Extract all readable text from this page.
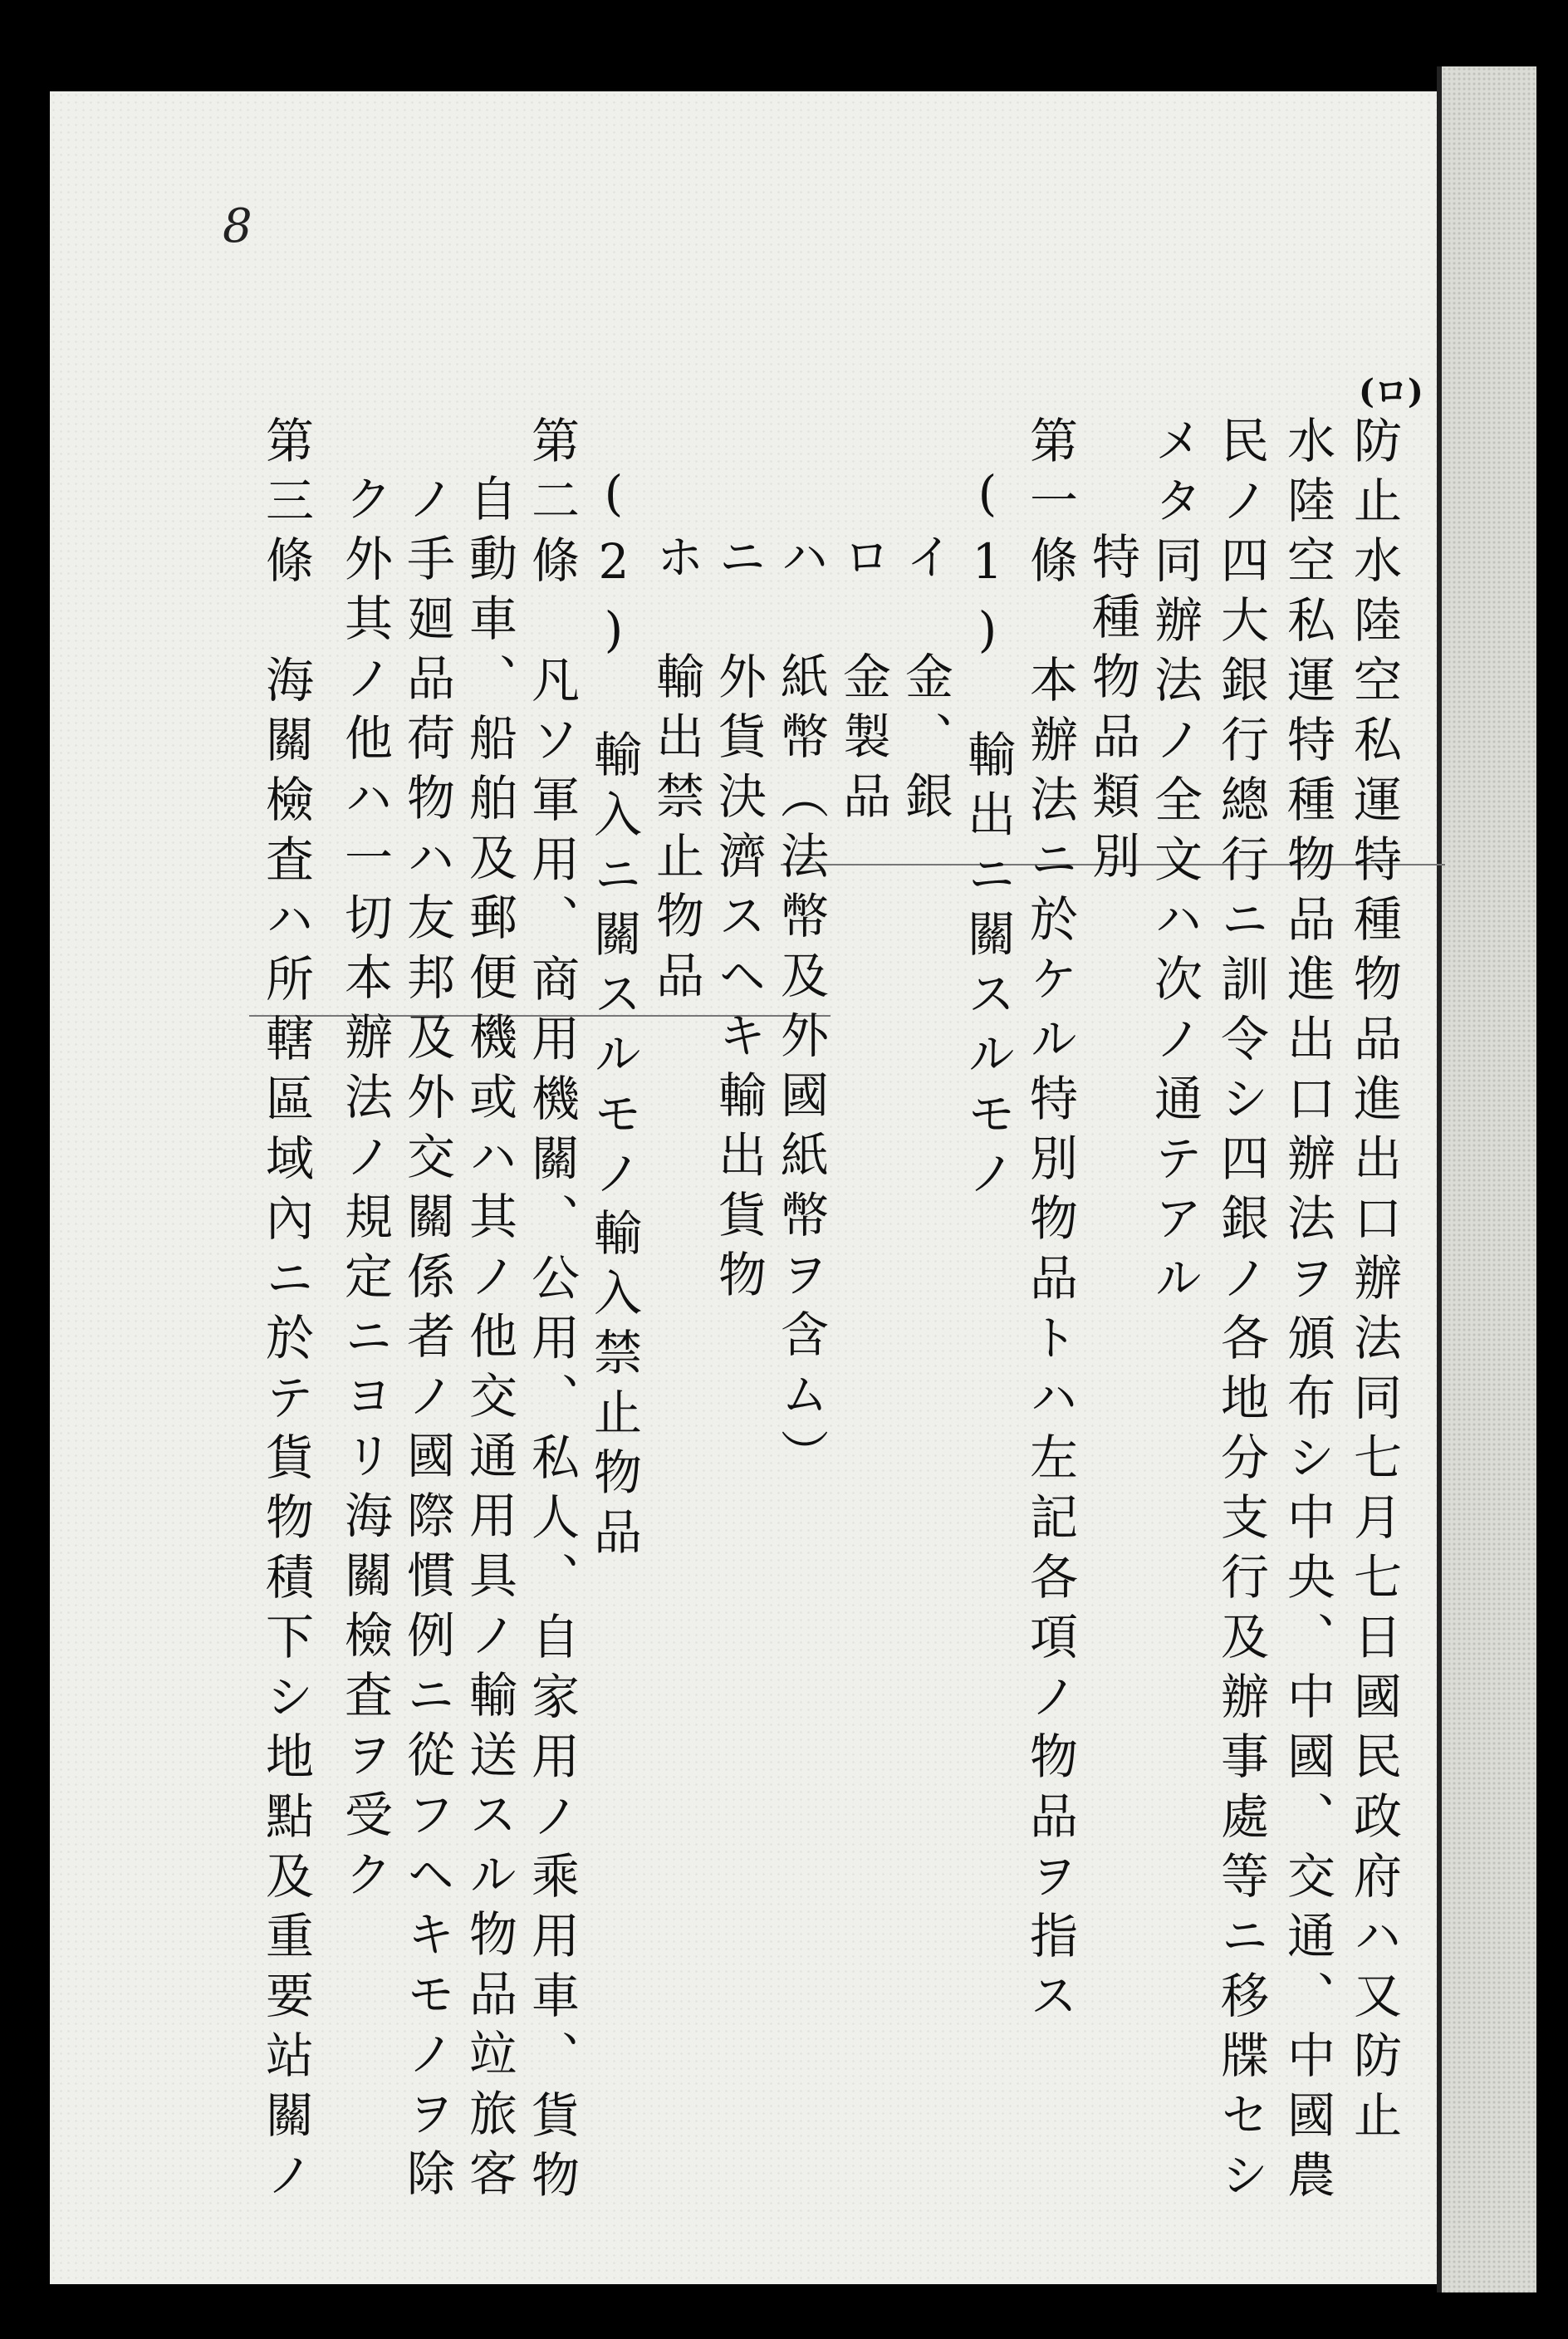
8
(ロ)
防止水陸空私運特種物品進出口辦法同七月七日國民政府ハ又防止
水陸空私運特種物品進出口辦法ヲ頒布シ中央、中國、交通、中國農
民ノ四大銀行總行ニ訓令シ四銀ノ各地分支行及辦事處等ニ移牒セシ
メタ同辦法ノ全文ハ次ノ通テアル
特種物品類別
第一條　本辦法ニ於ケル特別物品トハ左記各項ノ物品ヲ指ス
(1)　輸出ニ關スルモノ
イ　金、銀
ロ　金製品
ハ　紙幣（法幣及外國紙幣ヲ含ム）
ニ　外貨決濟スヘキ輸出貨物
ホ　輸出禁止物品
(2)　輸入ニ關スルモノ輸入禁止物品
第二條　凡ソ軍用、商用機關、公用、私人、自家用ノ乘用車、貨物
自動車、船舶及郵便機或ハ其ノ他交通用具ノ輸送スル物品竝旅客
ノ手廻品荷物ハ友邦及外交關係者ノ國際慣例ニ從フヘキモノヲ除
ク外其ノ他ハ一切本辦法ノ規定ニヨリ海關檢査ヲ受ク
第三條　海關檢査ハ所轄區域內ニ於テ貨物積下シ地點及重要站關ノ
